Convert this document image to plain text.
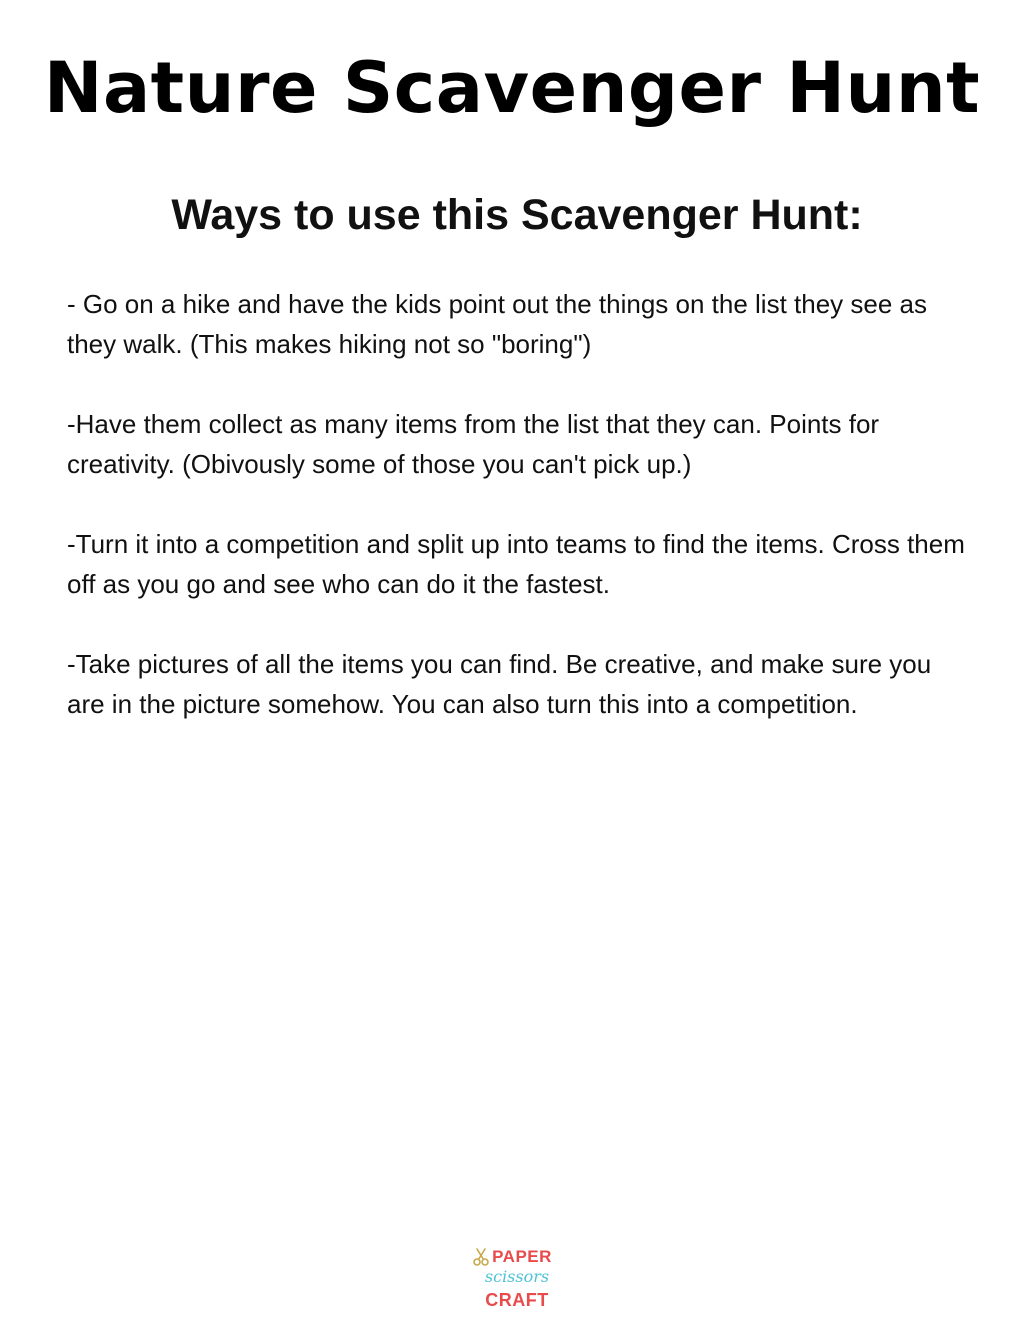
Nature Scavenger Hunt
Ways to use this Scavenger Hunt:
- Go on a hike and have the kids point out the things on the list they see as they walk. (This makes hiking not so "boring")
-Have them collect as many items from the list that they can. Points for creativity. (Obivously some of those you can't pick up.)
-Turn it into a competition and split up into teams to find the items. Cross them off as you go and see who can do it the fastest.
-Take pictures of all the items you can find. Be creative, and make sure you are in the picture somehow. You can also turn this into a competition.
PAPER
scissors
CRAFT
